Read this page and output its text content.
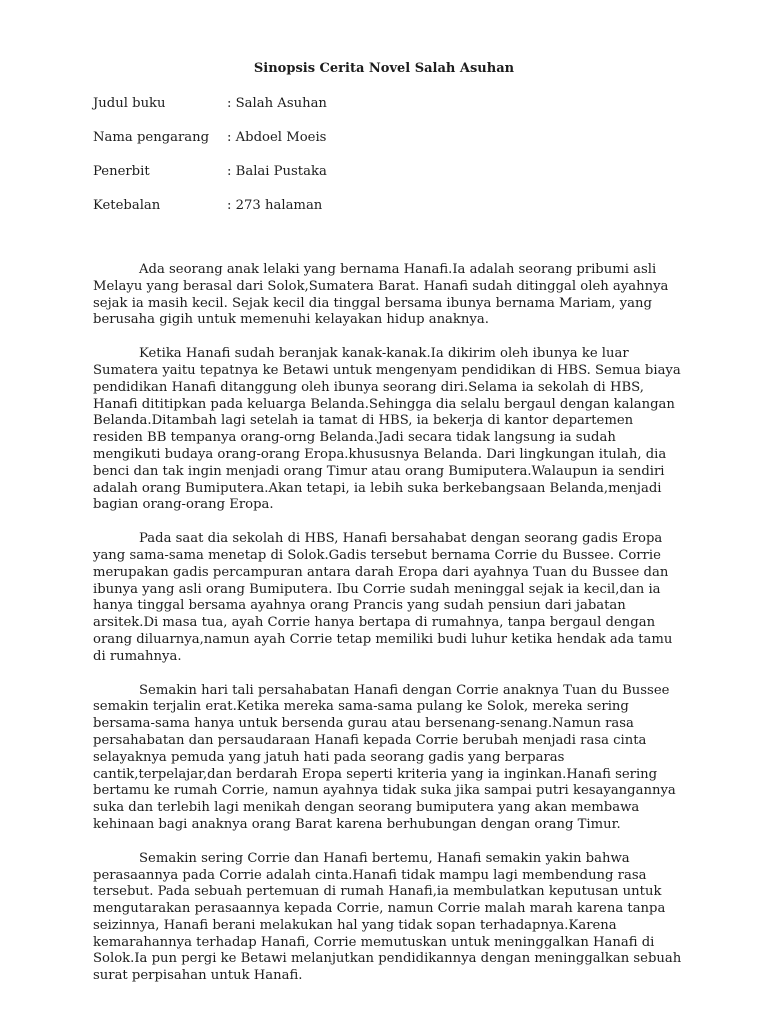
Sinopsis Cerita Novel Salah Asuhan
Judul buku	: Salah Asuhan
Nama pengarang : Abdoel Moeis
Penerbit	: Balai Pustaka
Ketebalan	: 273 halaman

Ada seorang anak lelaki yang bernama Hanafi.Ia adalah seorang pribumi asli Melayu yang berasal dari Solok,Sumatera Barat. Hanafi sudah ditinggal oleh ayahnya sejak ia masih kecil. Sejak kecil dia tinggal bersama ibunya bernama Mariam, yang berusaha gigih untuk memenuhi kelayakan hidup anaknya.

Ketika Hanafi sudah beranjak kanak-kanak.Ia dikirim oleh ibunya ke luar Sumatera yaitu tepatnya ke Betawi untuk mengenyam pendidikan di HBS. Semua biaya pendidikan Hanafi ditanggung oleh ibunya seorang diri.Selama ia sekolah di HBS, Hanafi dititipkan pada keluarga Belanda.Sehingga dia selalu bergaul dengan kalangan Belanda.Ditambah lagi setelah ia tamat di HBS, ia bekerja di kantor departemen residen BB tempanya orang-orng Belanda.Jadi secara tidak langsung ia sudah mengikuti budaya orang-orang Eropa.khususnya Belanda. Dari lingkungan itulah, dia benci dan tak ingin menjadi orang Timur atau orang Bumiputera.Walaupun ia sendiri adalah orang Bumiputera.Akan tetapi, ia lebih suka berkebangsaan Belanda,menjadi bagian orang-orang Eropa.

Pada saat dia sekolah di HBS, Hanafi bersahabat dengan seorang gadis Eropa yang sama-sama menetap di Solok.Gadis tersebut bernama Corrie du Bussee. Corrie merupakan gadis percampuran antara darah Eropa dari ayahnya Tuan du Bussee dan ibunya yang asli orang Bumiputera. Ibu Corrie sudah meninggal sejak ia kecil,dan ia hanya tinggal bersama ayahnya orang Prancis yang sudah pensiun dari jabatan arsitek.Di masa tua, ayah Corrie hanya bertapa di rumahnya, tanpa bergaul dengan orang diluarnya,namun ayah Corrie tetap memiliki budi luhur ketika hendak ada tamu di rumahnya.

Semakin hari tali persahabatan Hanafi dengan Corrie anaknya Tuan du Bussee semakin terjalin erat.Ketika mereka sama-sama pulang ke Solok, mereka sering bersama-sama hanya untuk bersenda gurau atau bersenang-senang.Namun rasa persahabatan dan persaudaraan Hanafi kepada Corrie berubah menjadi rasa cinta selayaknya pemuda yang jatuh hati pada seorang gadis yang berparas cantik,terpelajar,dan berdarah Eropa seperti kriteria yang ia inginkan.Hanafi sering bertamu ke rumah Corrie, namun ayahnya tidak suka jika sampai putri kesayangannya suka dan terlebih lagi menikah dengan seorang bumiputera yang akan membawa kehinaan bagi anaknya orang Barat karena berhubungan dengan orang Timur.

Semakin sering Corrie dan Hanafi bertemu, Hanafi semakin yakin bahwa perasaannya pada Corrie adalah cinta.Hanafi tidak mampu lagi membendung rasa tersebut. Pada sebuah pertemuan di rumah Hanafi,ia membulatkan keputusan untuk mengutarakan perasaannya kepada Corrie, namun Corrie malah marah karena tanpa seizinnya, Hanafi berani melakukan hal yang tidak sopan terhadapnya.Karena kemarahannya terhadap Hanafi, Corrie memutuskan untuk meninggalkan Hanafi di Solok.Ia pun pergi ke Betawi melanjutkan pendidikannya dengan meninggalkan sebuah surat perpisahan untuk Hanafi.
